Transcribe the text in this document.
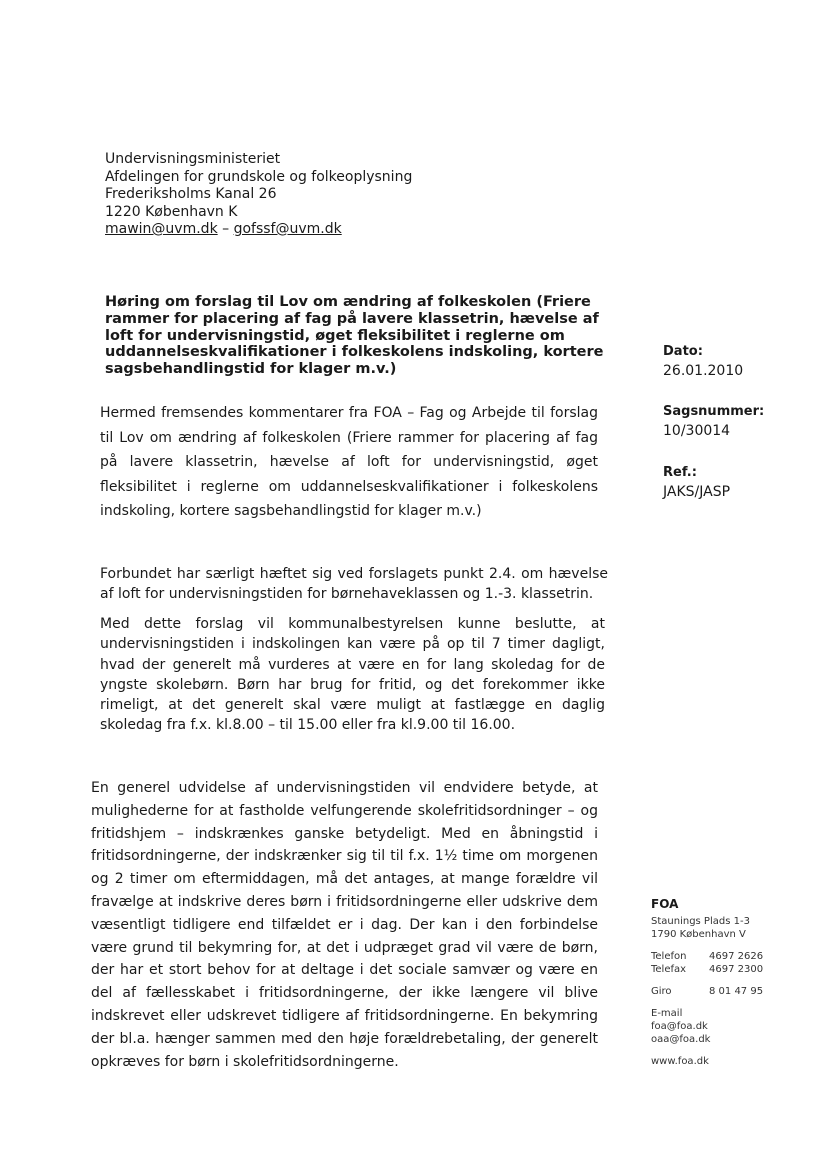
Undervisningsministeriet
Afdelingen for grundskole og folkeoplysning
Frederiksholms Kanal 26
1220 København K
mawin@uvm.dk – gofssf@uvm.dk
Høring om forslag til Lov om ændring af folkeskolen (Friere rammer for placering af fag på lavere klassetrin, hævelse af loft for undervisningstid, øget fleksibilitet i reglerne om uddannelseskvalifikationer i folkeskolens indskoling, kortere sagsbehandlingstid for klager m.v.)
Hermed fremsendes kommentarer fra FOA – Fag og Arbejde til forslag til Lov om ændring af folkeskolen (Friere rammer for placering af fag på lavere klassetrin, hævelse af loft for undervisningstid, øget fleksibilitet i reglerne om uddannelseskvalifikationer i folkeskolens indskoling, kortere sagsbehandlingstid for klager m.v.)
Forbundet har særligt hæftet sig ved forslagets punkt 2.4. om hævelse af loft for undervisningstiden for børnehaveklassen og 1.-3. klassetrin.
Med dette forslag vil kommunalbestyrelsen kunne beslutte, at undervisningstiden i indskolingen kan være på op til 7 timer dagligt, hvad der generelt må vurderes at være en for lang skoledag for de yngste skolebørn. Børn har brug for fritid, og det forekommer ikke rimeligt, at det generelt skal være muligt at fastlægge en daglig skoledag fra f.x. kl.8.00 – til 15.00 eller fra kl.9.00 til 16.00.
En generel udvidelse af undervisningstiden vil endvidere betyde, at mulighederne for at fastholde velfungerende skolefritidsordninger – og fritidshjem – indskrænkes ganske betydeligt. Med en åbningstid i fritidsordningerne, der indskrænker sig til til f.x. 1½ time om morgenen og 2 timer om eftermiddagen, må det antages, at mange forældre vil fravælge at indskrive deres børn i fritidsordningerne eller udskrive dem væsentligt tidligere end tilfældet er i dag. Der kan i den forbindelse være grund til bekymring for, at det i udpræget grad vil være de børn, der har et stort behov for at deltage i det sociale samvær og være en del af fællesskabet i fritidsordningerne, der ikke længere vil blive indskrevet eller udskrevet tidligere af fritidsordningerne. En bekymring der bl.a. hænger sammen med den høje forældrebetaling, der generelt opkræves for børn i skolefritidsordningerne.
Dato:
26.01.2010
Sagsnummer:
10/30014
Ref.:
JAKS/JASP
FOA
Staunings Plads 1-3
1790 København V
Telefon	4697 2626
Telefax	4697 2300
Giro	8 01 47 95
E-mail
foa@foa.dk
oaa@foa.dk
www.foa.dk
